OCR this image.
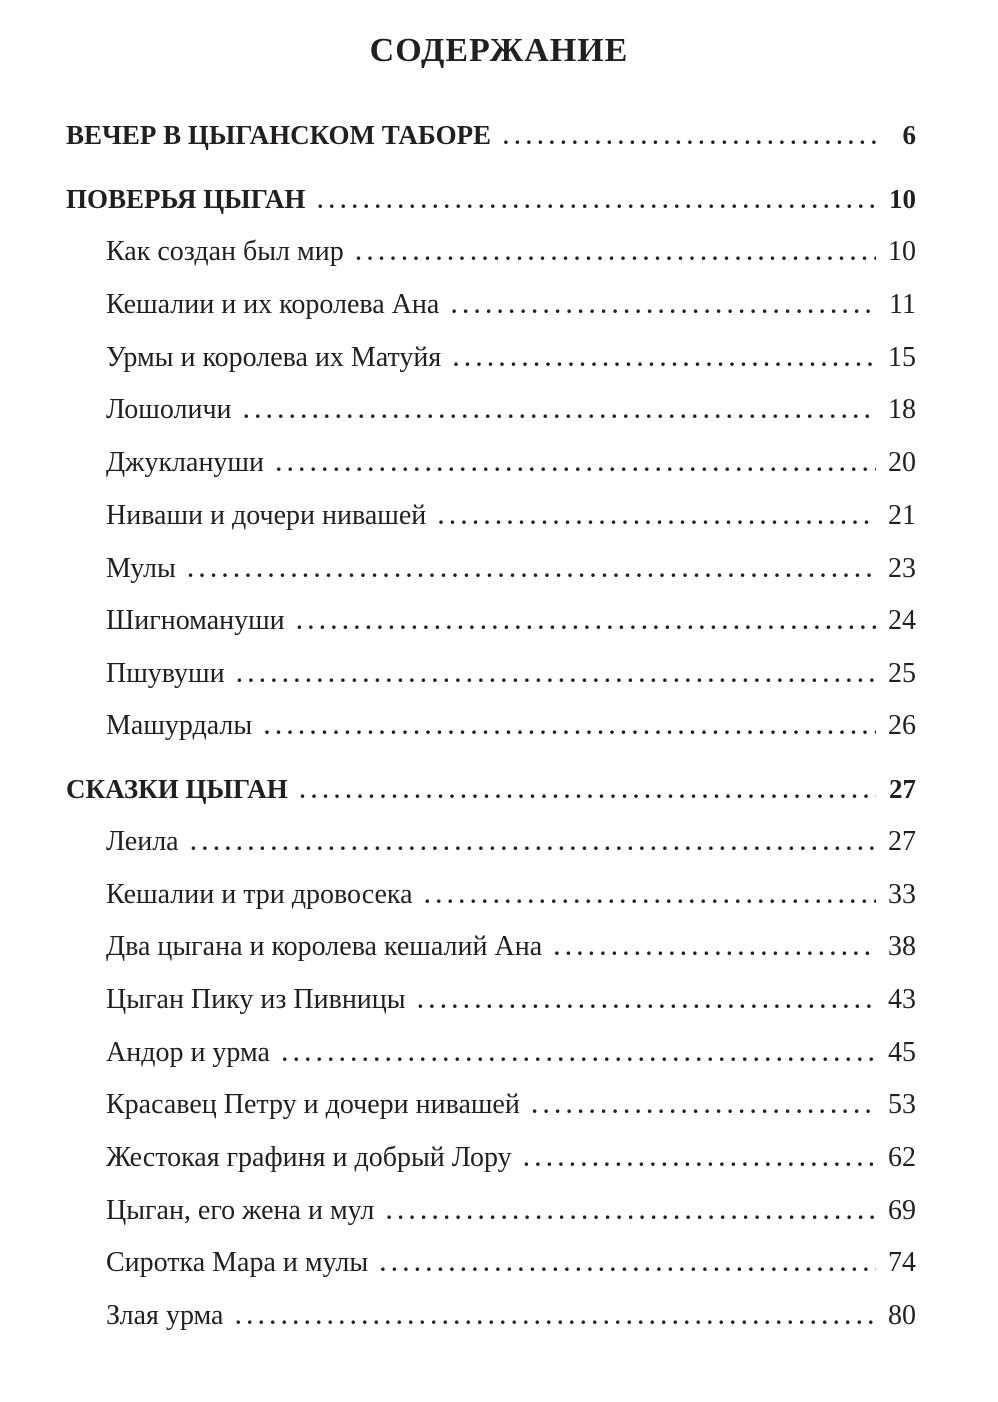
СОДЕРЖАНИЕ
ВЕЧЕР В ЦЫГАНСКОМ ТАБОРЕ .....	6
ПОВЕРЬЯ ЦЫГАН .....	10
Как создан был мир .....	10
Кешалии и их королева Ана .....	11
Урмы и королева их Матуйя .....	15
Лошоличи .....	18
Джуклануши .....	20
Ниваши и дочери нивашей .....	21
Мулы .....	23
Шигномануши .....	24
Пшувуши .....	25
Машурдалы .....	26
СКАЗКИ ЦЫГАН .....	27
Леила .....	27
Кешалии и три дровосека .....	33
Два цыгана и королева кешалий Ана .....	38
Цыган Пику из Пивницы .....	43
Андор и урма .....	45
Красавец Петру и дочери нивашей .....	53
Жестокая графиня и добрый Лору .....	62
Цыган, его жена и мул .....	69
Сиротка Мара и мулы .....	74
Злая урма .....	80
